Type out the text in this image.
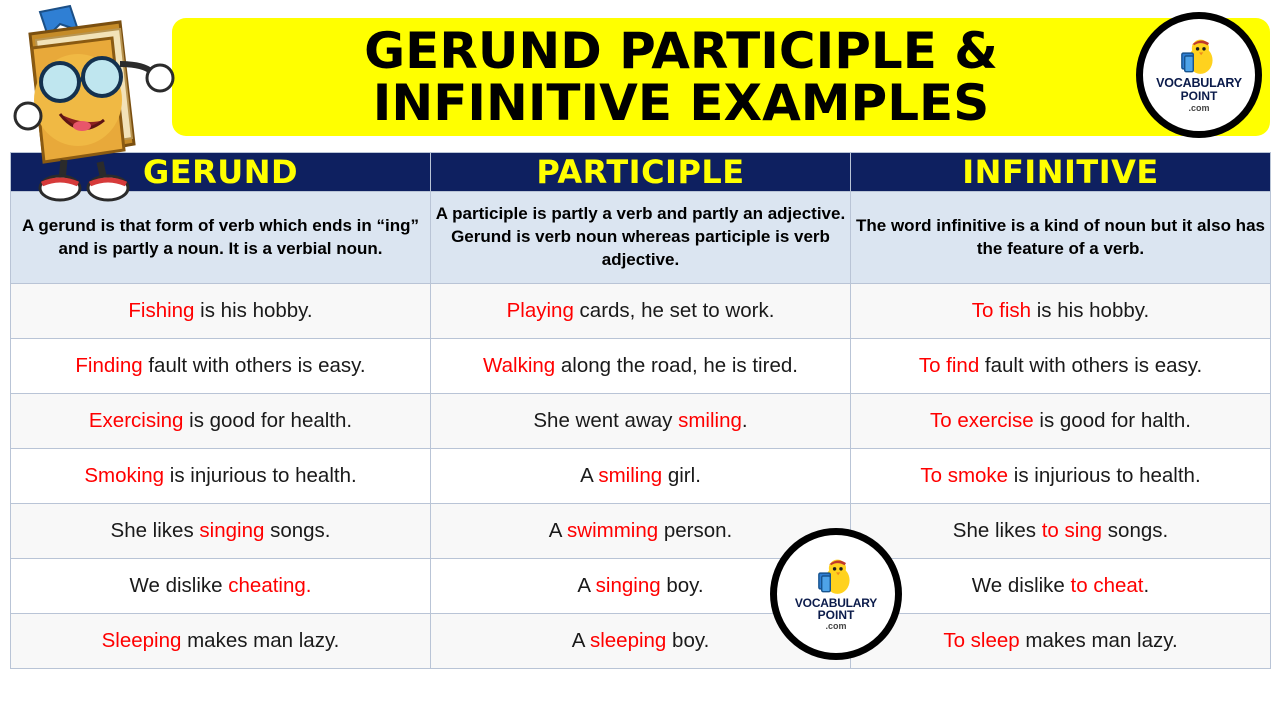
GERUND PARTICIPLE & INFINITIVE EXAMPLES	VOCABULARY
POINT
.com
GERUND	PARTICIPLE	INFINITIVE
A gerund is that form of verb which ends in “ing” and is partly a noun. It is a verbial noun.	A participle is partly a verb and partly an adjective. Gerund is verb noun whereas participle is verb adjective.	The word infinitive is a kind of noun but it also has the feature of a verb.
Fishing is his hobby.	Playing cards, he set to work.	To fish is his hobby.
Finding fault with others is easy.	Walking along the road, he is tired.	To find fault with others is easy.
Exercising is good for health.	She went away smiling.	To exercise is good for halth.
Smoking is injurious to health.	A smiling girl.	To smoke is injurious to health.
She likes singing songs.	A swimming person.	She likes to sing songs.
We dislike cheating.	A singing boy.	We dislike to cheat.
Sleeping makes man lazy.	A sleeping boy.	To sleep makes man lazy.
VOCABULARY
POINT
.com
